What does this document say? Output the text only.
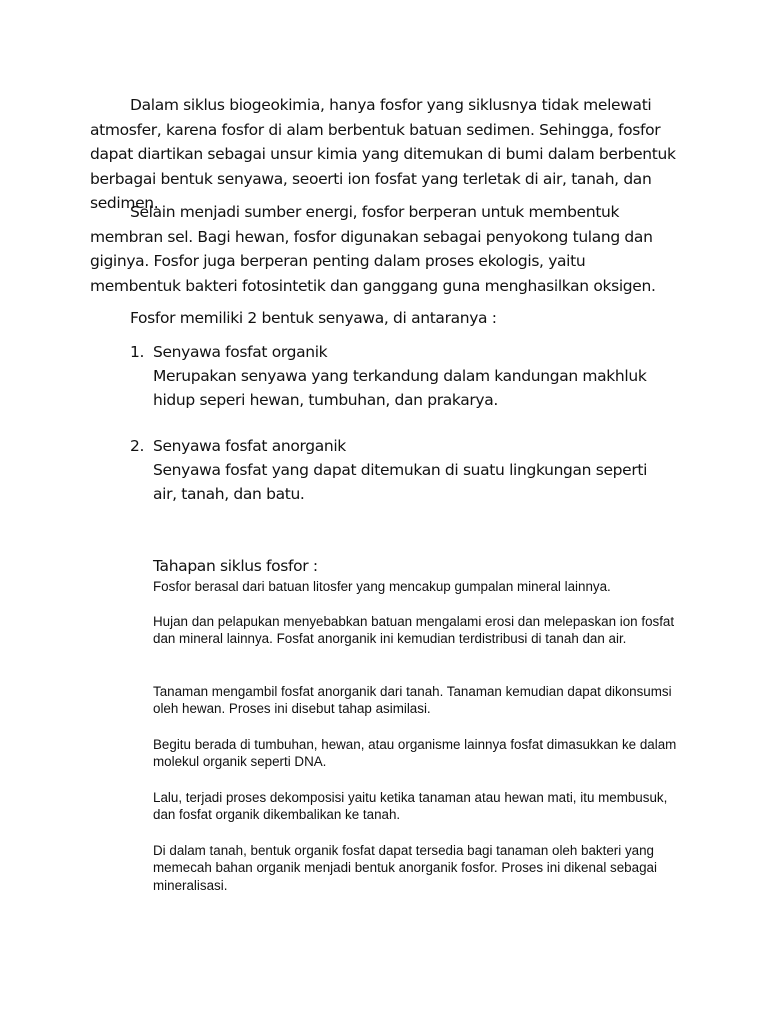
Dalam siklus biogeokimia, hanya fosfor yang siklusnya tidak melewati atmosfer, karena fosfor di alam berbentuk batuan sedimen. Sehingga, fosfor dapat diartikan sebagai unsur kimia yang ditemukan di bumi dalam berbentuk berbagai bentuk senyawa, seoerti ion fosfat yang terletak di air, tanah, dan sedimen.

Selain menjadi sumber energi, fosfor berperan untuk membentuk membran sel. Bagi hewan, fosfor digunakan sebagai penyokong tulang dan giginya. Fosfor juga berperan penting dalam proses ekologis, yaitu membentuk bakteri fotosintetik dan ganggang guna menghasilkan oksigen.

Fosfor memiliki 2 bentuk senyawa, di antaranya :

1. Senyawa fosfat organik
Merupakan senyawa yang terkandung dalam kandungan makhluk hidup seperi hewan, tumbuhan, dan prakarya.
2. Senyawa fosfat anorganik
Senyawa fosfat yang dapat ditemukan di suatu lingkungan seperti air, tanah, dan batu.
Tahapan siklus fosfor :

Fosfor berasal dari batuan litosfer yang mencakup gumpalan mineral lainnya.

Hujan dan pelapukan menyebabkan batuan mengalami erosi dan melepaskan ion fosfat dan mineral lainnya. Fosfat anorganik ini kemudian terdistribusi di tanah dan air.

Tanaman mengambil fosfat anorganik dari tanah. Tanaman kemudian dapat dikonsumsi oleh hewan. Proses ini disebut tahap asimilasi.

Begitu berada di tumbuhan, hewan, atau organisme lainnya fosfat dimasukkan ke dalam molekul organik seperti DNA.

Lalu, terjadi proses dekomposisi yaitu ketika tanaman atau hewan mati, itu membusuk, dan fosfat organik dikembalikan ke tanah.

Di dalam tanah, bentuk organik fosfat dapat tersedia bagi tanaman oleh bakteri yang memecah bahan organik menjadi bentuk anorganik fosfor. Proses ini dikenal sebagai mineralisasi.
